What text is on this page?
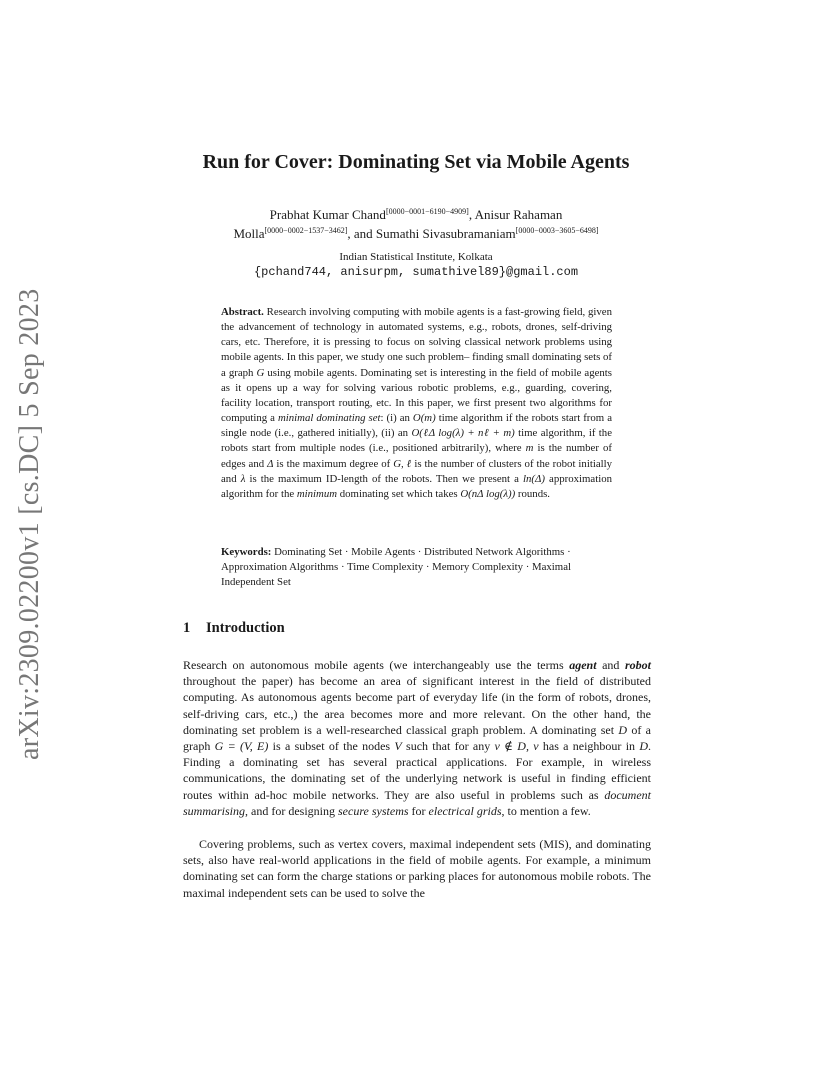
arXiv:2309.02200v1 [cs.DC] 5 Sep 2023
Run for Cover: Dominating Set via Mobile Agents
Prabhat Kumar Chand[0000−0001−6190−4909], Anisur Rahaman
Molla[0000−0002−1537−3462], and Sumathi Sivasubramaniam[0000−0003−3605−6498]
Indian Statistical Institute, Kolkata
{pchand744, anisurpm, sumathivel89}@gmail.com

Abstract. Research involving computing with mobile agents is a fast-growing field, given the advancement of technology in automated systems, e.g., robots, drones, self-driving cars, etc. Therefore, it is pressing to focus on solving classical network problems using mobile agents. In this paper, we study one such problem– finding small dominating sets of a graph G using mobile agents. Dominating set is interesting in the field of mobile agents as it opens up a way for solving various robotic problems, e.g., guarding, covering, facility location, transport routing, etc. In this paper, we first present two algorithms for computing a minimal dominating set: (i) an O(m) time algorithm if the robots start from a single node (i.e., gathered initially), (ii) an O(ℓΔ log(λ) + nℓ + m) time algorithm, if the robots start from multiple nodes (i.e., positioned arbitrarily), where m is the number of edges and Δ is the maximum degree of G, ℓ is the number of clusters of the robot initially and λ is the maximum ID-length of the robots. Then we present a ln(Δ) approximation algorithm for the minimum dominating set which takes O(nΔ log(λ)) rounds.

Keywords: Dominating Set · Mobile Agents · Distributed Network Algorithms · Approximation Algorithms · Time Complexity · Memory Complexity · Maximal Independent Set

1 Introduction

Research on autonomous mobile agents (we interchangeably use the terms agent and robot throughout the paper) has become an area of significant interest in the field of distributed computing. As autonomous agents become part of everyday life (in the form of robots, drones, self-driving cars, etc.,) the area becomes more and more relevant. On the other hand, the dominating set problem is a well-researched classical graph problem. A dominating set D of a graph G = (V, E) is a subset of the nodes V such that for any v ∉ D, v has a neighbour in D. Finding a dominating set has several practical applications. For example, in wireless communications, the dominating set of the underlying network is useful in finding efficient routes within ad-hoc mobile networks. They are also useful in problems such as document summarising, and for designing secure systems for electrical grids, to mention a few.

Covering problems, such as vertex covers, maximal independent sets (MIS), and dominating sets, also have real-world applications in the field of mobile agents. For example, a minimum dominating set can form the charge stations or parking places for autonomous mobile robots. The maximal independent sets can be used to solve the
